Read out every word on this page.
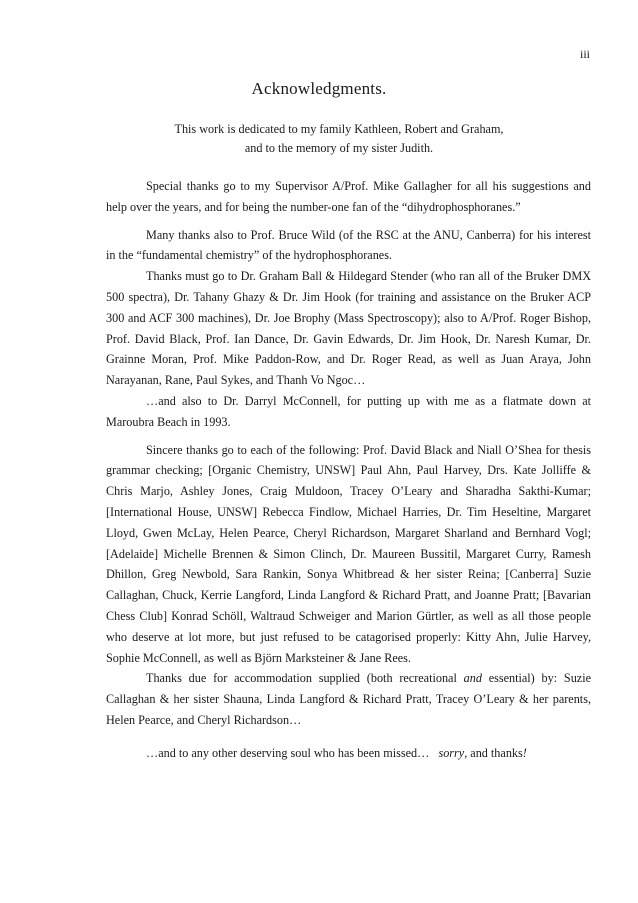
iii
Acknowledgments.
This work is dedicated to my family Kathleen, Robert and Graham,
and to the memory of my sister Judith.

Special thanks go to my Supervisor A/Prof. Mike Gallagher for all his suggestions and help over the years, and for being the number-one fan of the “dihydrophosphoranes.”

Many thanks also to Prof. Bruce Wild (of the RSC at the ANU, Canberra) for his interest in the “fundamental chemistry” of the hydrophosphoranes.

Thanks must go to Dr. Graham Ball & Hildegard Stender (who ran all of the Bruker DMX 500 spectra), Dr. Tahany Ghazy & Dr. Jim Hook (for training and assistance on the Bruker ACP 300 and ACF 300 machines), Dr. Joe Brophy (Mass Spectroscopy); also to A/Prof. Roger Bishop, Prof. David Black, Prof. Ian Dance, Dr. Gavin Edwards, Dr. Jim Hook, Dr. Naresh Kumar, Dr. Grainne Moran, Prof. Mike Paddon-Row, and Dr. Roger Read, as well as Juan Araya, John Narayanan, Rane, Paul Sykes, and Thanh Vo Ngoc…

…and also to Dr. Darryl McConnell, for putting up with me as a flatmate down at Maroubra Beach in 1993.

Sincere thanks go to each of the following: Prof. David Black and Niall O’Shea for thesis grammar checking; [Organic Chemistry, UNSW] Paul Ahn, Paul Harvey, Drs. Kate Jolliffe & Chris Marjo, Ashley Jones, Craig Muldoon, Tracey O’Leary and Sharadha Sakthi-Kumar; [International House, UNSW] Rebecca Findlow, Michael Harries, Dr. Tim Heseltine, Margaret Lloyd, Gwen McLay, Helen Pearce, Cheryl Richardson, Margaret Sharland and Bernhard Vogl; [Adelaide] Michelle Brennen & Simon Clinch, Dr. Maureen Bussitil, Margaret Curry, Ramesh Dhillon, Greg Newbold, Sara Rankin, Sonya Whitbread & her sister Reina; [Canberra] Suzie Callaghan, Chuck, Kerrie Langford, Linda Langford & Richard Pratt, and Joanne Pratt; [Bavarian Chess Club] Konrad Schöll, Waltraud Schweiger and Marion Gürtler, as well as all those people who deserve at lot more, but just refused to be catagorised properly: Kitty Ahn, Julie Harvey, Sophie McConnell, as well as Björn Marksteiner & Jane Rees.

Thanks due for accommodation supplied (both recreational and essential) by: Suzie Callaghan & her sister Shauna, Linda Langford & Richard Pratt, Tracey O’Leary & her parents, Helen Pearce, and Cheryl Richardson…

…and to any other deserving soul who has been missed…   sorry, and thanks!
